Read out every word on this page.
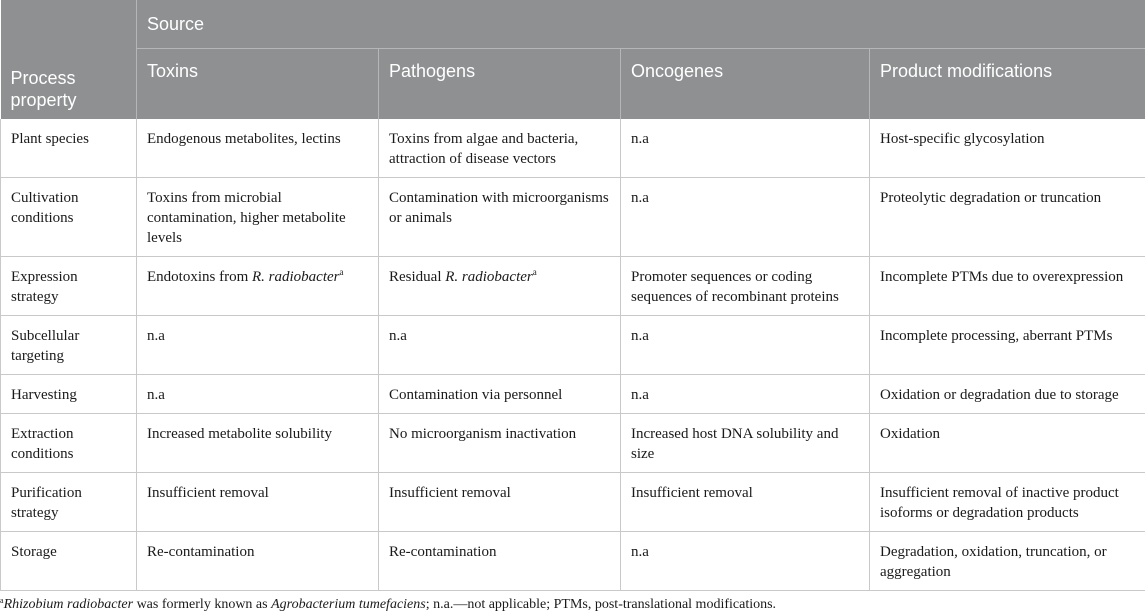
Process property	Source			
	Toxins	Pathogens	Oncogenes	Product modifications
Plant species	Endogenous metabolites, lectins	Toxins from algae and bacteria, attraction of disease vectors	n.a	Host-specific glycosylation
Cultivation conditions	Toxins from microbial contamination, higher metabolite levels	Contamination with microorganisms or animals	n.a	Proteolytic degradation or truncation
Expression strategy	Endotoxins from R. radiobacter$^a$	Residual R. radiobacter$^a$	Promoter sequences or coding sequences of recombinant proteins	Incomplete PTMs due to overexpression
Subcellular targeting	n.a	n.a	n.a	Incomplete processing, aberrant PTMs
Harvesting	n.a	Contamination via personnel	n.a	Oxidation or degradation due to storage
Extraction conditions	Increased metabolite solubility	No microorganism inactivation	Increased host DNA solubility and size	Oxidation
Purification strategy	Insufficient removal	Insufficient removal	Insufficient removal	Insufficient removal of inactive product isoforms or degradation products
Storage	Re-contamination	Re-contamination	n.a	Degradation, oxidation, truncation, or aggregation
$^a$Rhizobium radiobacter was formerly known as Agrobacterium tumefaciens; n.a.—not applicable; PTMs, post-translational modifications.
